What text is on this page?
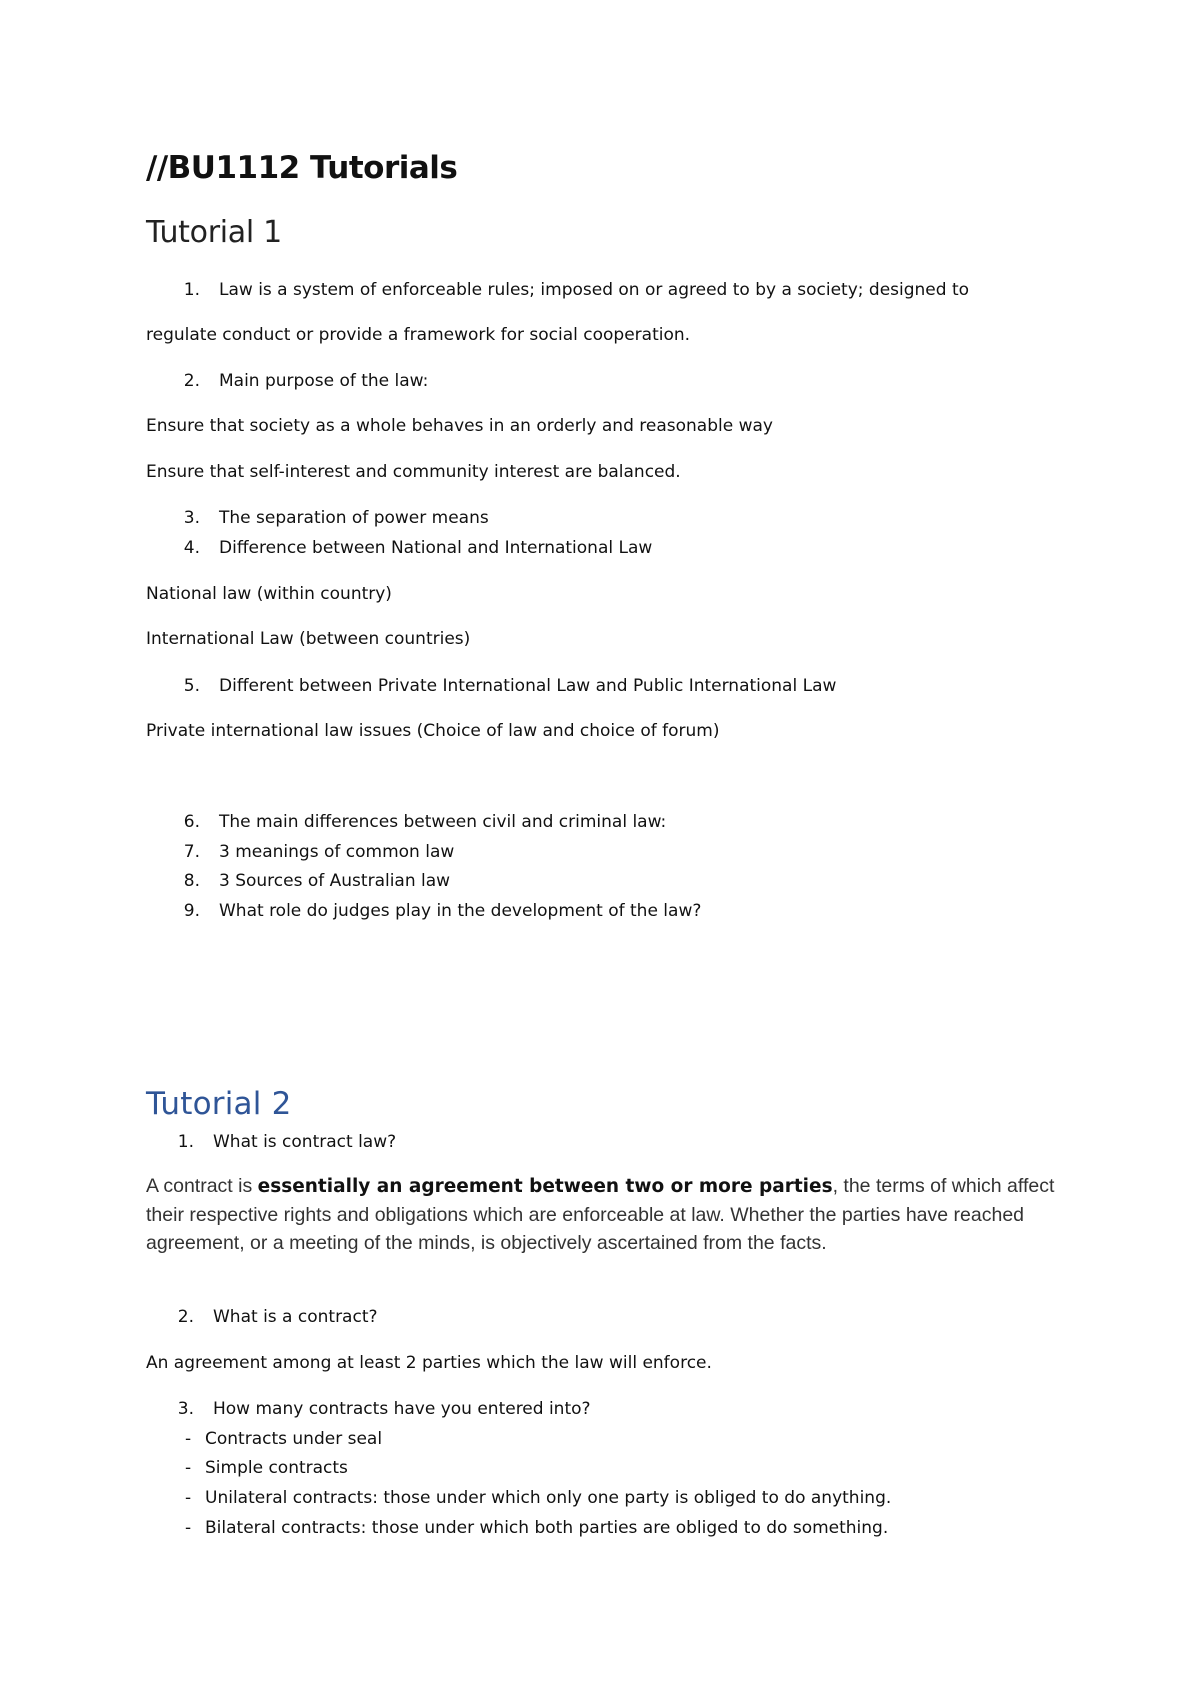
//BU1112 Tutorials
Tutorial 1
1. Law is a system of enforceable rules; imposed on or agreed to by a society; designed to
regulate conduct or provide a framework for social cooperation.
2. Main purpose of the law:
Ensure that society as a whole behaves in an orderly and reasonable way
Ensure that self-interest and community interest are balanced.
3. The separation of power means
4. Difference between National and International Law
National law (within country)
International Law (between countries)
5. Different between Private International Law and Public International Law
Private international law issues (Choice of law and choice of forum)
6. The main differences between civil and criminal law:
7. 3 meanings of common law
8. 3 Sources of Australian law
9. What role do judges play in the development of the law?
Tutorial 2
1. What is contract law?

A contract is essentially an agreement between two or more parties, the terms of which affect their respective rights and obligations which are enforceable at law. Whether the parties have reached agreement, or a meeting of the minds, is objectively ascertained from the facts.

2. What is a contract?
An agreement among at least 2 parties which the law will enforce.
3. How many contracts have you entered into?
- Contracts under seal
- Simple contracts
- Unilateral contracts: those under which only one party is obliged to do anything.
- Bilateral contracts: those under which both parties are obliged to do something.
